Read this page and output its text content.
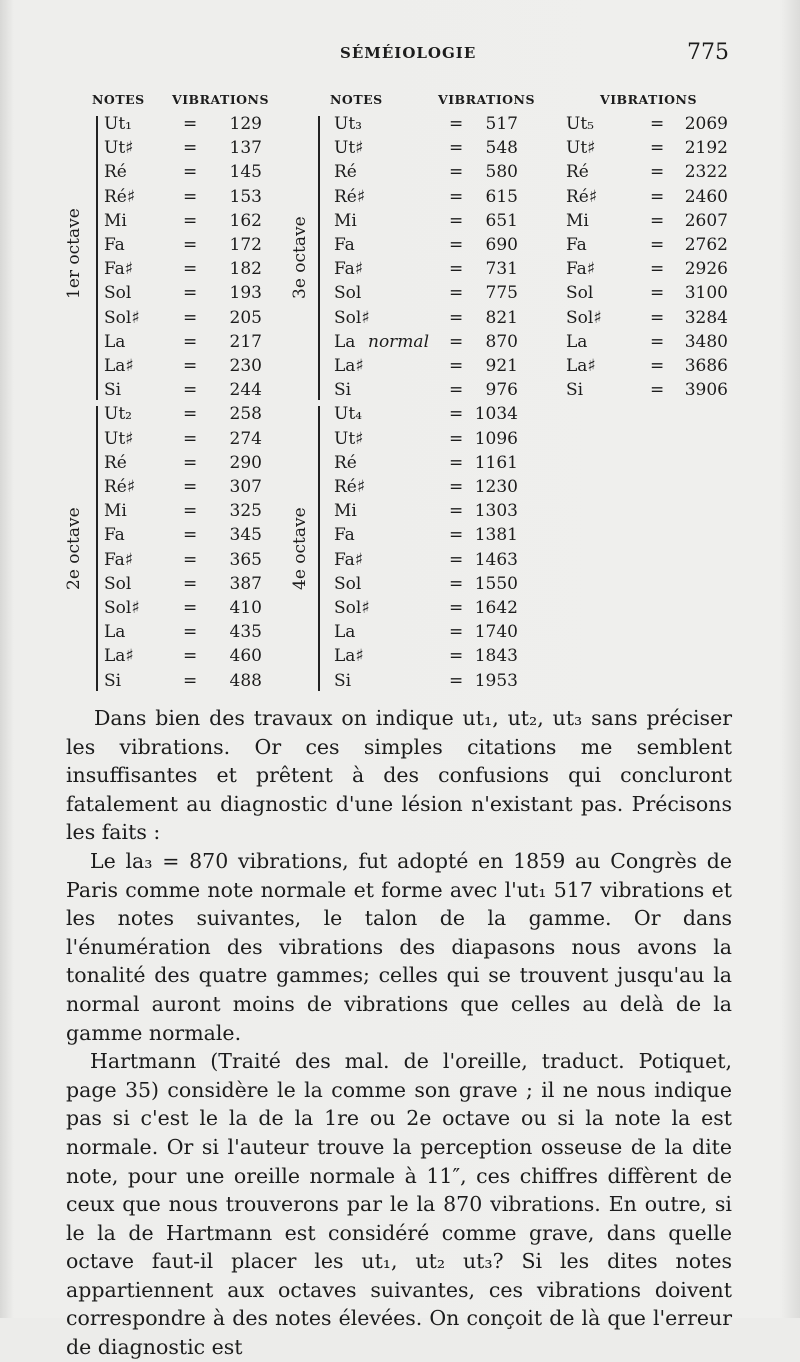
SÉMÉIOLOGIE	775
NOTES VIBRATIONS	NOTES	VIBRATIONS	VIBRATIONS
1er octave
Ut₁	=	129
Ut♯	=	137
Ré	=	145
Ré♯	=	153
Mi	=	162
Fa	=	172
Fa♯	=	182
Sol	=	193
Sol♯	=	205
La	=	217
La♯	=	230
Si	=	244
2e octave
Ut₂	=	258
Ut♯	=	274
Ré	=	290
Ré♯	=	307
Mi	=	325
Fa	=	345
Fa♯	=	365
Sol	=	387
Sol♯	=	410
La	=	435
La♯	=	460
Si	=	488
3e octave
Ut₃	=	517
Ut♯	=	548
Ré	=	580
Ré♯	=	615
Mi	=	651
Fa	=	690
Fa♯	=	731
Sol	=	775
Sol♯	=	821
La normal =	870
La♯	=	921
Si	=	976
4e octave
Ut₄	= 1034
Ut♯	= 1096
Ré	= 1161
Ré♯	= 1230
Mi	= 1303
Fa	= 1381
Fa♯	= 1463
Sol	= 1550
Sol♯	= 1642
La	= 1740
La♯	= 1843
Si	= 1953
Ut₅	=	2069
Ut♯	=	2192
Ré	=	2322
Ré♯	=	2460
Mi	=	2607
Fa	=	2762
Fa♯	=	2926
Sol	=	3100
Sol♯	=	3284
La	=	3480
La♯	=	3686
Si	=	3906

Dans bien des travaux on indique ut₁, ut₂, ut₃ sans préciser les vibrations. Or ces simples citations me semblent insuffisantes et prêtent à des confusions qui concluront fatalement au diagnostic d'une lésion n'existant pas. Précisons les faits :

Le la₃ = 870 vibrations, fut adopté en 1859 au Congrès de Paris comme note normale et forme avec l'ut₁ 517 vibrations et les notes suivantes, le talon de la gamme. Or dans l'énumération des vibrations des diapasons nous avons la tonalité des quatre gammes; celles qui se trouvent jusqu'au la normal auront moins de vibrations que celles au delà de la gamme normale.

Hartmann (Traité des mal. de l'oreille, traduct. Potiquet, page 35) considère le la comme son grave ; il ne nous indique pas si c'est le la de la 1re ou 2e octave ou si la note la est normale. Or si l'auteur trouve la perception osseuse de la dite note, pour une oreille normale à 11″, ces chiffres diffèrent de ceux que nous trouverons par le la 870 vibrations. En outre, si le la de Hartmann est considéré comme grave, dans quelle octave faut-il placer les ut₁, ut₂ ut₃? Si les dites notes appartiennent aux octaves suivantes, ces vibrations doivent correspondre à des notes élevées. On conçoit de là que l'erreur de diagnostic est
